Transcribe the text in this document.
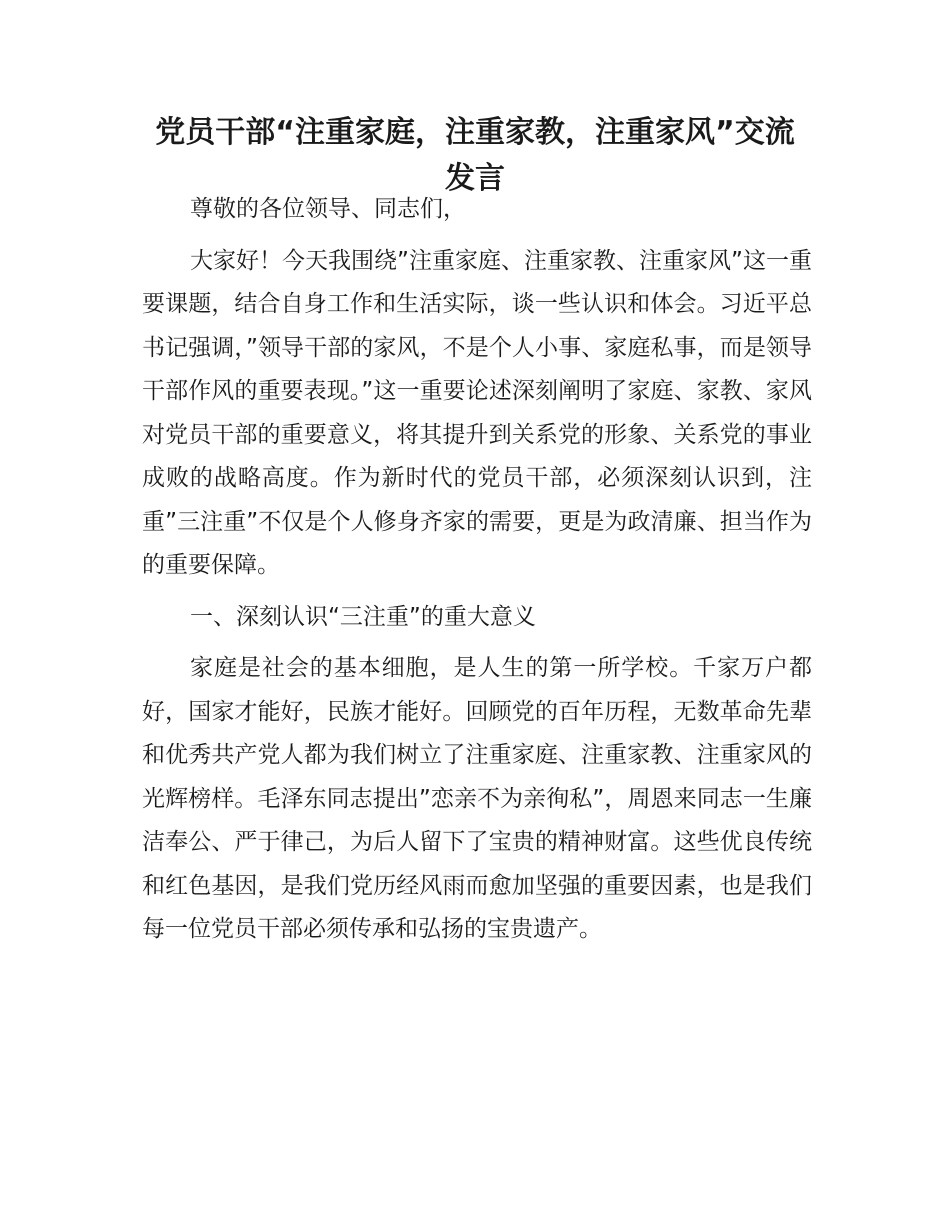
党员干部“注重家庭，注重家教，注重家风”交流发言

尊敬的各位领导、同志们，

大家好！今天我围绕”注重家庭、注重家教、注重家风”这一重要课题，结合自身工作和生活实际，谈一些认识和体会。习近平总书记强调，”领导干部的家风，不是个人小事、家庭私事，而是领导干部作风的重要表现。”这一重要论述深刻阐明了家庭、家教、家风对党员干部的重要意义，将其提升到关系党的形象、关系党的事业成败的战略高度。作为新时代的党员干部，必须深刻认识到，注重”三注重”不仅是个人修身齐家的需要，更是为政清廉、担当作为的重要保障。

一、深刻认识“三注重”的重大意义

家庭是社会的基本细胞，是人生的第一所学校。千家万户都好，国家才能好，民族才能好。回顾党的百年历程，无数革命先辈和优秀共产党人都为我们树立了注重家庭、注重家教、注重家风的光辉榜样。毛泽东同志提出”恋亲不为亲徇私”，周恩来同志一生廉洁奉公、严于律己，为后人留下了宝贵的精神财富。这些优良传统和红色基因，是我们党历经风雨而愈加坚强的重要因素，也是我们每一位党员干部必须传承和弘扬的宝贵遗产。
